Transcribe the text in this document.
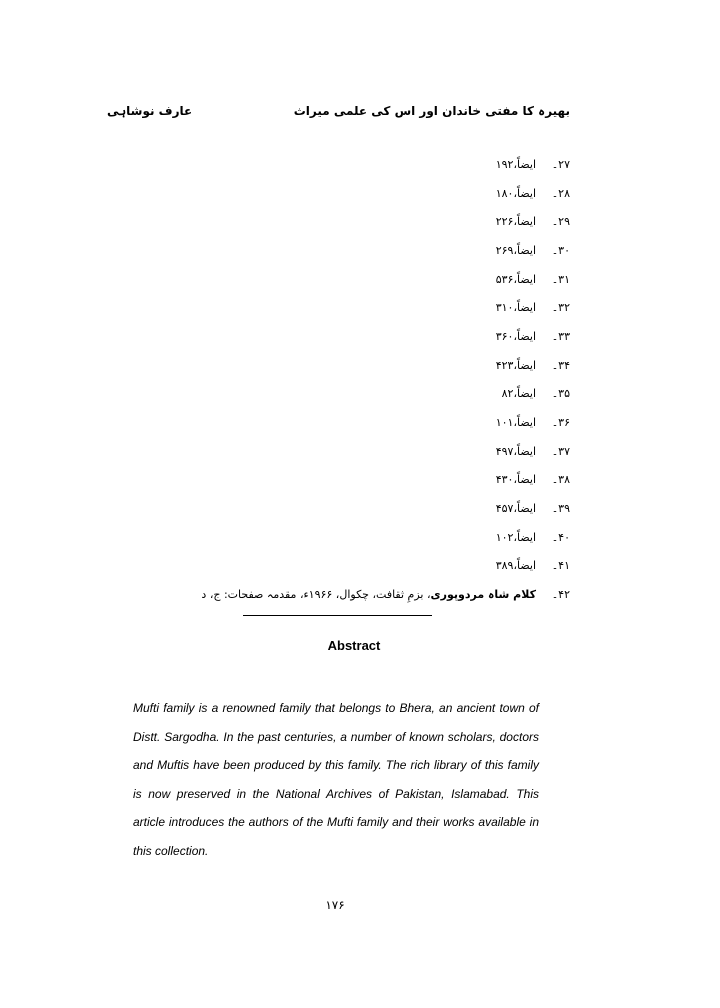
عارف نوشاہی	بھیرہ کا مفتی خاندان اور اس کی علمی میراث
۲۷۔
ایضاً،۱۹۲
۲۸۔
ایضاً،۱۸۰
۲۹۔
ایضاً،۲۲۶
۳۰۔
ایضاً،۲۶۹
۳۱۔
ایضاً،۵۳۶
۳۲۔
ایضاً،۳۱۰
۳۳۔
ایضاً،۳۶۰
۳۴۔
ایضاً،۴۲۳
۳۵۔
ایضاً،۸۲
۳۶۔
ایضاً،۱۰۱
۳۷۔
ایضاً،۴۹۷
۳۸۔
ایضاً،۴۳۰
۳۹۔
ایضاً،۴۵۷
۴۰۔
ایضاً،۱۰۲
۴۱۔
ایضاً،۳۸۹
۴۲۔
کلام شاہ مردوپوری، بزمِ ثقافت، چکوال، ۱۹۶۶ء، مقدمہ صفحات: ج، د
Abstract
Mufti family is a renowned family that belongs to Bhera, an ancient town of Distt. Sargodha. In the past centuries, a number of known scholars, doctors and Muftis have been produced by this family. The rich library of this family is now preserved in the National Archives of Pakistan, Islamabad. This article introduces the authors of the Mufti family and their works available in this collection.
۱۷۶
